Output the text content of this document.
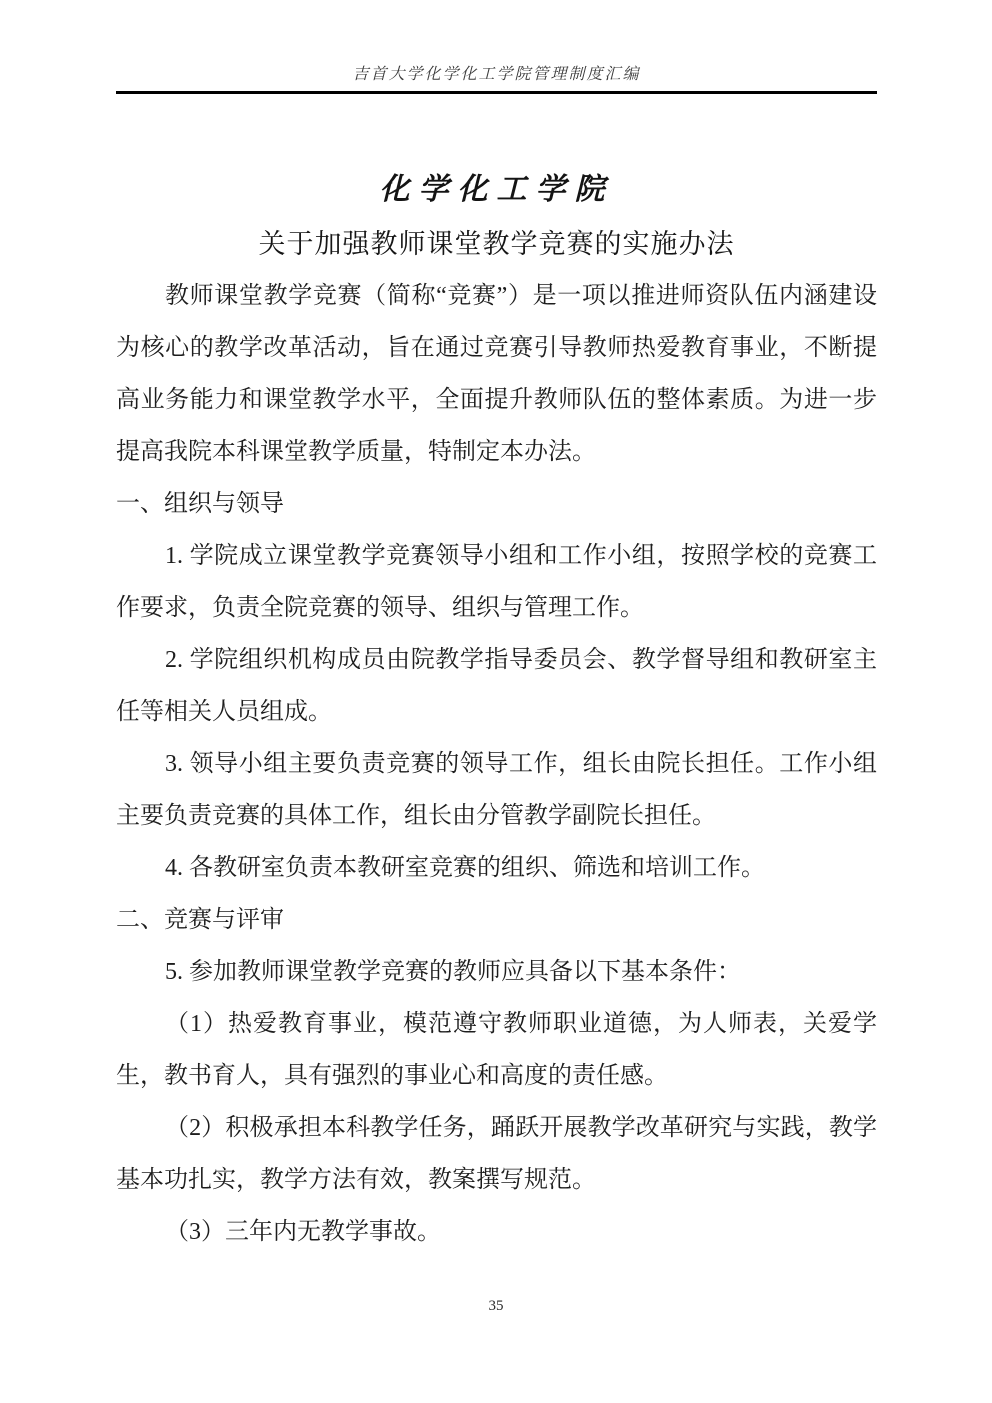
吉首大学化学化工学院管理制度汇编
化学化工学院
关于加强教师课堂教学竞赛的实施办法

教师课堂教学竞赛（简称“竞赛”）是一项以推进师资队伍内涵建设为核心的教学改革活动，旨在通过竞赛引导教师热爱教育事业，不断提高业务能力和课堂教学水平，全面提升教师队伍的整体素质。为进一步提高我院本科课堂教学质量，特制定本办法。

一、组织与领导

1. 学院成立课堂教学竞赛领导小组和工作小组，按照学校的竞赛工作要求，负责全院竞赛的领导、组织与管理工作。

2. 学院组织机构成员由院教学指导委员会、教学督导组和教研室主任等相关人员组成。

3. 领导小组主要负责竞赛的领导工作，组长由院长担任。工作小组主要负责竞赛的具体工作，组长由分管教学副院长担任。

4. 各教研室负责本教研室竞赛的组织、筛选和培训工作。

二、竞赛与评审

5. 参加教师课堂教学竞赛的教师应具备以下基本条件：

（1）热爱教育事业，模范遵守教师职业道德，为人师表，关爱学生，教书育人，具有强烈的事业心和高度的责任感。

（2）积极承担本科教学任务，踊跃开展教学改革研究与实践，教学基本功扎实，教学方法有效，教案撰写规范。

（3）三年内无教学事故。

35
